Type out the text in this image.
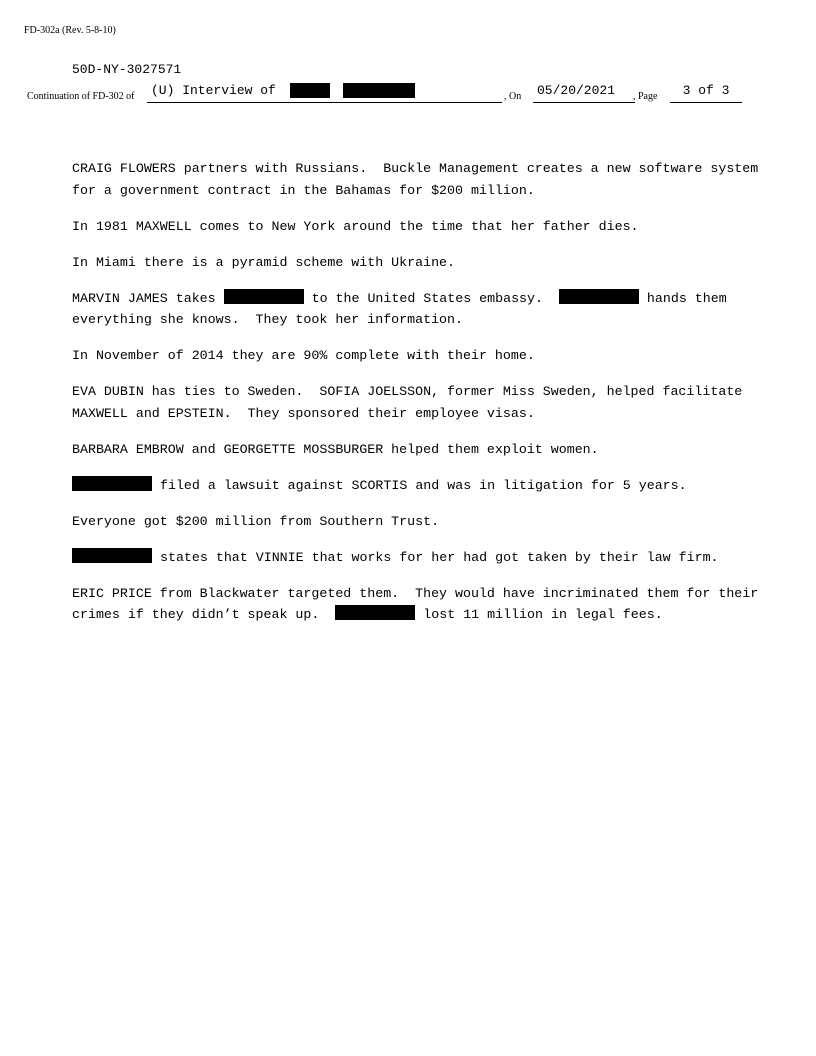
FD-302a (Rev. 5-8-10)
50D-NY-3027571
Continuation of FD-302 of	(U) Interview of	, On	05/20/2021	, Page	3 of 3

CRAIG FLOWERS partners with Russians.  Buckle Management creates a new software system for a government contract in the Bahamas for $200 million.

In 1981 MAXWELL comes to New York around the time that her father dies.

In Miami there is a pyramid scheme with Ukraine.

MARVIN JAMES takes	to the United States embassy.	hands them everything she knows.  They took her information.

In November of 2014 they are 90% complete with their home.

EVA DUBIN has ties to Sweden.  SOFIA JOELSSON, former Miss Sweden, helped facilitate MAXWELL and EPSTEIN.  They sponsored their employee visas.

BARBARA EMBROW and GEORGETTE MOSSBURGER helped them exploit women.

filed a lawsuit against SCORTIS and was in litigation for 5 years.

Everyone got $200 million from Southern Trust.

states that VINNIE that works for her had got taken by their law firm.

ERIC PRICE from Blackwater targeted them.  They would have incriminated them for their crimes if they didn’t speak up.	lost 11 million in legal fees.
